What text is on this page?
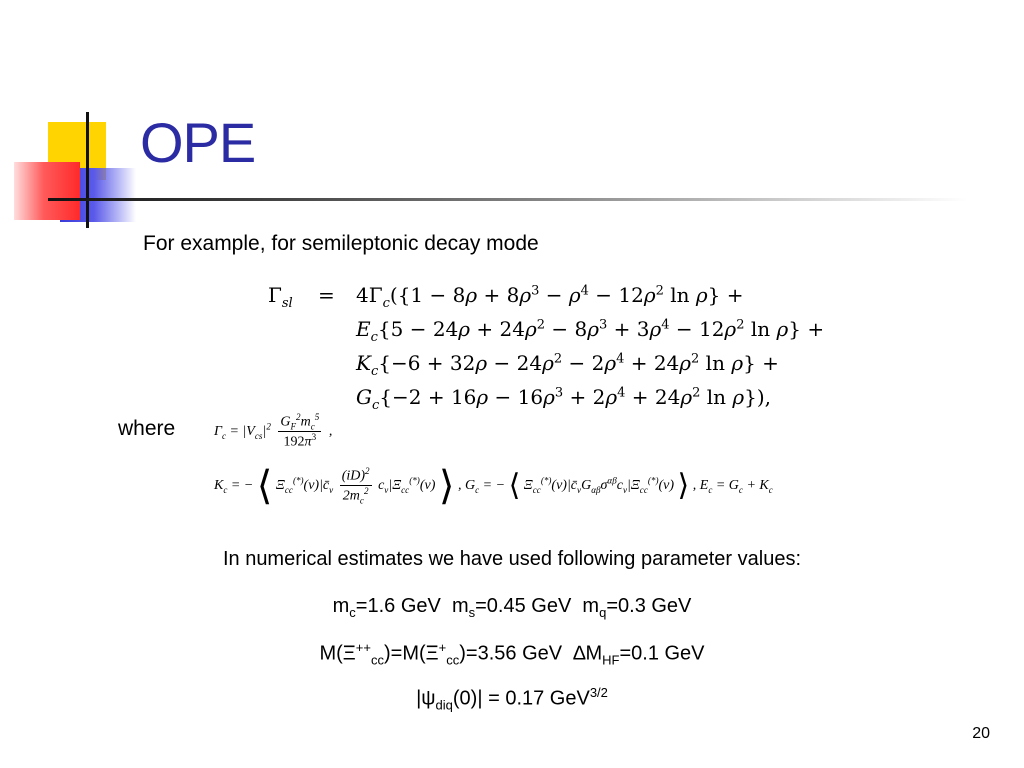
OPE
For example, for semileptonic decay mode
$\Gamma_{sl} = 4\Gamma_c(\{1 - 8\rho + 8\rho^3 - \rho^4 - 12\rho^2$ ln ρ} +
$E_c\{5 - 24\rho + 24\rho^2 - 8\rho^3 + 3\rho^4 - 12\rho^2$ ln ρ} +
$K_c\{-6 + 32\rho - 24\rho^2 - 2\rho^4 + 24\rho^2$ ln ρ} +
$G_c\{-2 + 16\rho - 16\rho^3 + 2\rho^4 + 24\rho^2$ ln ρ}),
where	$\Gamma_c = |V_{cs}|^2 \frac{G_F^2m_c^5}{192\pi^3}$ ,
$K_c$ = − ⟨ $\Xi_{cc}^{(*)}(v)|c̄_v \frac{(iD)^2}{2m_c^2} c_v|\Xi_{cc}^{(*)}(v)$ ⟩ , $G_c$ = − ⟨ $\Xi_{cc}^{(*)}(v)|c̄_vG_{\alpha\beta}\sigma^{\alpha\beta}c_v|\Xi_{cc}^{(*)}(v)$ ⟩ , $E_c = G_c + K_c$
In numerical estimates we have used following parameter values:
$m_c=1.6$ GeV  $m_s=0.45$ GeV  $m_q=0.3$ GeV
$M(\Xi^{++}_{cc})=M(\Xi^+_{cc})=3.56$ GeV  $\Delta M_{HF}=0.1$ GeV
$|\psi_{diq}(0)| = 0.17$ GeV$^{3/2}$
20
